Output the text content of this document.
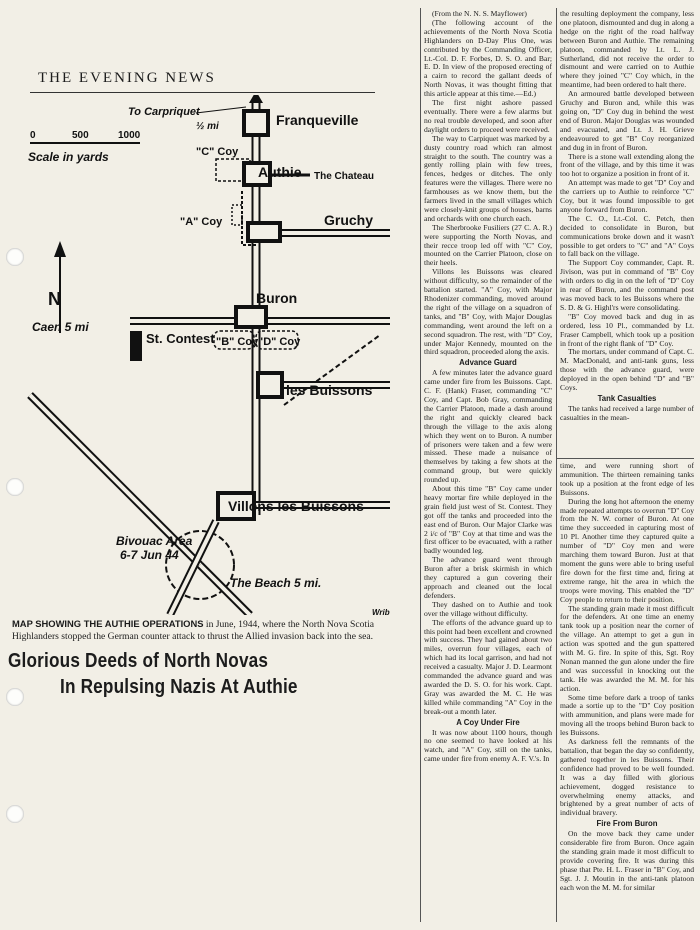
THE EVENING NEWS
0	500	1000
Scale in yards
N
To Carpriquet
½ mi	Franqueville
"C" Coy
Authie The Chateau
"A" Coy	Gruchy
Buron
St. Contest "B" Coy "D" Coy
Caen 5 mi
les Buissons
Villons les Buissons
Bivouac Area
6-7 Jun 44
The Beach 5 mi.
Wrib
MAP SHOWING THE AUTHIE OPERATIONS in June, 1944, where the North Nova Scotia Highlanders stopped the German counter attack to thrust the Allied invasion back into the sea.
Glorious Deeds of North Novas
In Repulsing Nazis At Authie

(From the N. N. S. Mayflower)

(The following account of the achievements of the North Nova Scotia Highlanders on D-Day Plus One, was contributed by the Commanding Officer, Lt.-Col. D. F. Forbes, D. S. O. and Bar; E. D. In view of the proposed erecting of a cairn to record the gallant deeds of North Novas, it was thought fitting that this article appear at this time.—Ed.)

The first night ashore passed eventually. There were a few alarms but no real trouble developed, and soon after daylight orders to proceed were received.

The way to Carpiquet was marked by a dusty country road which ran almost straight to the south. The country was a gently rolling plain with few trees, fences, hedges or ditches. The only features were the villages. There were no farmhouses as we know them, but the farmers lived in the small villages which were closely-knit groups of houses, barns and orchards with one church each.

The Sherbrooke Fusiliers (27 C. A. R.) were supporting the North Novas, and their recce troop led off with "C" Coy, mounted on the Carrier Platoon, close on their heels.

Villons les Buissons was cleared without difficulty, so the remainder of the battalion started. "A" Coy, with Major Rhodenizer commanding, moved around the right of the village on a squadron of tanks, and "B" Coy, with Major Douglas commanding, went around the left on a second squadron. The rest, with "D" Coy, under Major Kennedy, mounted on the third squadron, proceeded along the axis.

Advance Guard

A few minutes later the advance guard came under fire from les Buissons. Capt. C. F. (Hank) Fraser, commanding "C" Coy, and Capt. Bob Gray, commanding the Carrier Platoon, made a dash around the right and quickly cleared back through the village to the axis along which they went on to Buron. A number of prisoners were taken and a few were missed. These made a nuisance of themselves by taking a few shots at the command group, but were quickly rounded up.

About this time "B" Coy came under heavy mortar fire while deployed in the grain field just west of St. Contest. They got off the tanks and proceeded into the east end of Buron. Our Major Clarke was 2 i/c of "B" Coy at that time and was the first officer to be evacuated, with a rather badly wounded leg.

The advance guard went through Buron after a brisk skirmish in which they captured a gun covering their approach and cleaned out the local defenders.

They dashed on to Authie and took over the village without difficulty.

The efforts of the advance guard up to this point had been excellent and crowned with success. They had gained about two miles, overrun four villages, each of which had its local garrison, and had not received a casualty. Major J. D. Learmont commanded the advance guard and was awarded the D. S. O. for his work. Capt. Gray was awarded the M. C. He was killed while commanding "A" Coy in the break-out a month later.

A Coy Under Fire

It was now about 1100 hours, though no one seemed to have looked at his watch, and "A" Coy, still on the tanks, came under fire from enemy A. F. V.'s. In

the resulting deployment the company, less one platoon, dismounted and dug in along a hedge on the right of the road halfway between Buron and Authie. The remaining platoon, commanded by Lt. L. J. Sutherland, did not receive the order to dismount and were carried on to Authie where they joined "C" Coy which, in the meantime, had been ordered to halt there.

An armoured battle developed between Gruchy and Buron and, while this was going on, "D" Coy dug in behind the west end of Buron. Major Douglas was wounded and evacuated, and Lt. J. H. Grieve endeavoured to get "B" Coy reorganized and dug in in front of Buron.

There is a stone wall extending along the front of the village, and by this time it was too hot to organize a position in front of it.

An attempt was made to get "D" Coy and the carriers up to Authie to reinforce "C" Coy, but it was found impossible to get anyone forward from Buron.

The C. O., Lt.-Col. C. Petch, then decided to consolidate in Buron, but communications broke down and it wasn't possible to get orders to "C" and "A" Coys to fall back on the village.

The Support Coy commander, Capt. R. Jivison, was put in command of "B" Coy with orders to dig in on the left of "D" Coy in rear of Buron, and the command post was moved back to les Buissons where the S. D. & G. Highl'rs were consolidating.

"B" Coy moved back and dug in as ordered, less 10 Pl., commanded by Lt. Fraser Campbell, which took up a position in front of the right flank of "D" Coy.

The mortars, under command of Capt. C. M. MacDonald, and anti-tank guns, less those with the advance guard, were deployed in the open behind "D" and "B" Coys.

Tank Casualties

The tanks had received a large number of casualties in the mean-

time, and were running short of ammunition. The thirteen remaining tanks took up a position at the front edge of les Buissons.

During the long hot afternoon the enemy made repeated attempts to overrun "D" Coy from the N. W. corner of Buron. At one time they succeeded in capturing most of 10 Pl. Another time they captured quite a number of "D" Coy men and were marching them toward Buron. Just at that moment the guns were able to bring useful fire down for the first time and, firing at extreme range, hit the area in which the troops were moving. This enabled the "D" Coy people to return to their position.

The standing grain made it most difficult for the defenders. At one time an enemy tank took up a position near the corner of the village. An attempt to get a gun in action was spotted and the gun spattered with M. G. fire. In spite of this, Sgt. Roy Nonan manned the gun alone under the fire and was successful in knocking out the tank. He was awarded the M. M. for his action.

Some time before dark a troop of tanks made a sortie up to the "D" Coy position with ammunition, and plans were made for moving all the troops behind Buron back to les Buissons.

As darkness fell the remnants of the battalion, that began the day so confidently, gathered together in les Buissons. Their confidence had proved to be well founded. It was a day filled with glorious achievement, dogged resistance to overwhelming enemy attacks, and brightened by a great number of acts of individual bravery.

Fire From Buron

On the move back they came under considerable fire from Buron. Once again the standing grain made it most difficult to provide covering fire. It was during this phase that Pte. H. L. Fraser in "B" Coy, and Sgt. J. J. Moutin in the anti-tank platoon each won the M. M. for similar
